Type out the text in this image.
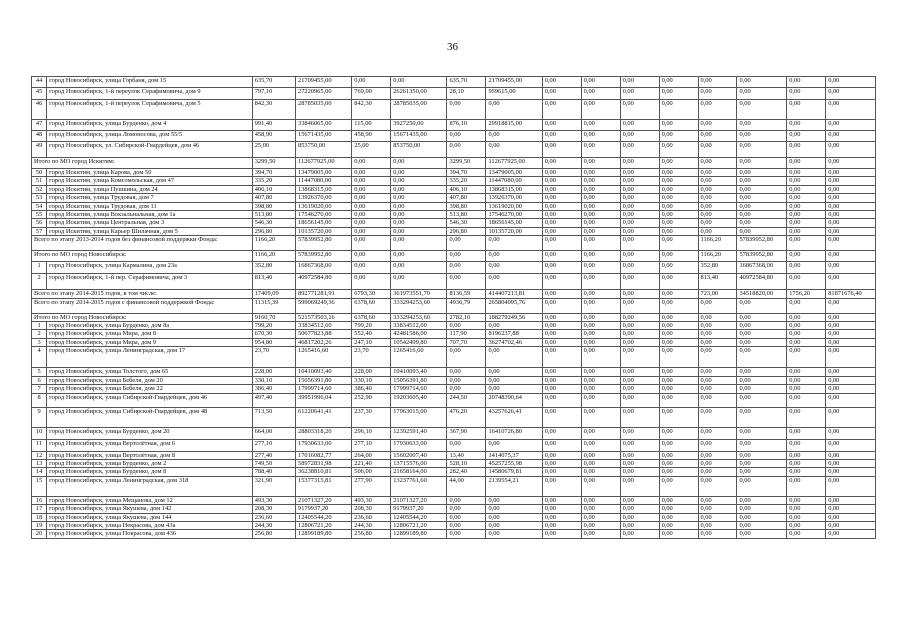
36
44	город Новосибирск, улица Горбаня, дом 15	635,70	21709455,00	0,00	0,00	635,70	21709455,00	0,00	0,00	0,00	0,00	0,00	0,00	0,00	0,00
45	город Новосибирск, 1-й переулок Серафимовича, дом 9	797,10	27220965,00	769,00	26261350,00	28,10	959615,00	0,00	0,00	0,00	0,00	0,00	0,00	0,00	0,00
46	город Новосибирск, 1-й переулок Серафимовича, дом 5	842,30	28785035,00	842,30	28785035,00	0,00	0,00	0,00	0,00	0,00	0,00	0,00	0,00	0,00	0,00
47	город Новосибирск, улица Бурденко, дом 4	991,40	33846065,00	115,00	3927250,00	876,10	29918815,00	0,00	0,00	0,00	0,00	0,00	0,00	0,00	0,00
48	город Новосибирск, улица Ломоносова, дом 55/5	458,90	15671435,00	458,90	15671435,00	0,00	0,00	0,00	0,00	0,00	0,00	0,00	0,00	0,00	0,00
49	город Новосибирск, ул. Сибирской-Гвардейцев, дом 46	25,00	853750,00	25,00	853750,00	0,00	0,00	0,00	0,00	0,00	0,00	0,00	0,00	0,00	0,00
Итого по МО город Искитим:		3299,50	112677925,00	0,00	0,00	3299,50	112677925,00	0,00	0,00	0,00	0,00	0,00	0,00	0,00	0,00
50	город Искитим, улица Карова, дом 50	394,70	13479005,00	0,00	0,00	394,70	13479005,00	0,00	0,00	0,00	0,00	0,00	0,00	0,00	0,00
51	город Искитим, улица Комсомольская, дом 47	335,20	11447080,00	0,00	0,00	335,20	11447080,00	0,00	0,00	0,00	0,00	0,00	0,00	0,00	0,00
52	город Искитим, улица Пушкина, дом 24	406,10	13868315,00	0,00	0,00	406,10	13868315,00	0,00	0,00	0,00	0,00	0,00	0,00	0,00	0,00
53	город Искитим, улица Трудовая, дом 7	407,80	13926370,00	0,00	0,00	407,80	13926370,00	0,00	0,00	0,00	0,00	0,00	0,00	0,00	0,00
54	город Искитим, улица Трудовая, дом 11	398,80	13619020,00	0,00	0,00	398,80	13619020,00	0,00	0,00	0,00	0,00	0,00	0,00	0,00	0,00
55	город Искитим, улица Вокзальнальная, дом 1а	513,80	17546270,00	0,00	0,00	513,80	17546270,00	0,00	0,00	0,00	0,00	0,00	0,00	0,00	0,00
56	город Искитим, улица Центральная, дом 3	546,30	18656145,00	0,00	0,00	546,30	18656145,00	0,00	0,00	0,00	0,00	0,00	0,00	0,00	0,00
57	город Искитим, улица Карьер Шилачная, дом 5	296,80	10135720,00	0,00	0,00	296,80	10135720,00	0,00	0,00	0,00	0,00	0,00	0,00	0,00	0,00
Всего по этапу 2013-2014 годов без финансовой поддержки Фонда:		1166,20	57839952,80	0,00	0,00	0,00	0,00	0,00	0,00	0,00	0,00	1166,20	57839952,80	0,00	0,00
Итого по МО город Новосибирск:		1166,20	57839952,80	0,00	0,00	0,00	0,00	0,00	0,00	0,00	0,00	1166,20	57839952,80	0,00	0,00
1	город Новосибирск, улица Кармалина, дом 23а	352,80	16867368,00	0,00	0,00	0,00	0,00	0,00	0,00	0,00	0,00	352,80	16867368,00	0,00	0,00
2	город Новосибирск, 1-й пер. Серафимовича, дом 3	813,40	40972584,80	0,00	0,00	0,00	0,00	0,00	0,00	0,00	0,00	813,40	40972584,80	0,00	0,00
Всего по этапу 2014-2015 годов, в том числе:		17409,09	892771281,91	6793,30	361973551,70	8136,59	414407213,81	0,00	0,00	0,00	0,00	723,00	34518820,00	1756,20	81871676,40
Всего по этапу 2014-2015 годов с финансовой поддержкой Фонда:		11315,39	599069249,36	6378,60	333294253,60	4936,79	265804995,76	0,00	0,00	0,00	0,00	0,00	0,00	0,00	0,00
Итого по МО город Новосибирск:		9160,70	521573503,16	6378,60	333294253,60	2782,10	188279249,56	0,00	0,00	0,00	0,00	0,00	0,00	0,00	0,00
1	город Новосибирск, улица Бурденко, дом 8а	799,20	33834512,60	799,20	33834512,60	0,00	0,00	0,00	0,00	0,00	0,00	0,00	0,00	0,00	0,00
2	город Новосибирск, улица Мира, дом 8	670,30	50677823,88	552,40	42481586,00	117,90	8196237,88	0,00	0,00	0,00	0,00	0,00	0,00	0,00	0,00
3	город Новосибирск, улица Мира, дом 9	954,80	46817202,26	247,10	10542499,80	707,70	36274702,46	0,00	0,00	0,00	0,00	0,00	0,00	0,00	0,00
4	город Новосибирск, улица Ленинградская, дом 17	23,70	1265416,60	23,70	1265416,60	0,00	0,00	0,00	0,00	0,00	0,00	0,00	0,00	0,00	0,00
5	город Новосибирск, улица Толстого, дом 65	228,00	10410093,40	228,00	10410093,40	0,00	0,00	0,00	0,00	0,00	0,00	0,00	0,00	0,00	0,00
6	город Новосибирск, улица Бебеля, дом 20	330,10	15056391,80	330,10	15056391,80	0,00	0,00	0,00	0,00	0,00	0,00	0,00	0,00	0,00	0,00
7	город Новосибирск, улица Бебеля, дом 22	386,40	17999714,60	386,40	17999714,60	0,00	0,00	0,00	0,00	0,00	0,00	0,00	0,00	0,00	0,00
8	город Новосибирск, улица Сибирской-Гвардейцев, дом 46	497,40	39951996,04	252,90	19203605,40	244,50	20748390,64	0,00	0,00	0,00	0,00	0,00	0,00	0,00	0,00
9	город Новосибирск, улица Сибирской-Гвардейцев, дом 48	713,50	61220641,41	237,30	17963015,00	476,20	43257626,41	0,00	0,00	0,00	0,00	0,00	0,00	0,00	0,00
10	город Новосибирск, улица Бурденко, дом 20	664,00	28803318,20	296,10	12392591,40	367,90	16410726,80	0,00	0,00	0,00	0,00	0,00	0,00	0,00	0,00
11	город Новосибирск, улица Вертолётная, дом 6	277,10	17930633,00	277,10	17930633,00	0,00	0,00	0,00	0,00	0,00	0,00	0,00	0,00	0,00	0,00
12	город Новосибирск, улица Вертолётная, дом 8	277,40	17016082,77	264,00	15602007,40	13,40	1414075,37	0,00	0,00	0,00	0,00	0,00	0,00	0,00	0,00
13	город Новосибирск, улица Бурденко, дом 2	749,50	58972831,98	221,40	13715576,00	528,10	45257255,98	0,00	0,00	0,00	0,00	0,00	0,00	0,00	0,00
14	город Новосибирск, улица Бурденко, дом 8	788,40	36238810,81	506,00	21658164,00	282,40	14580679,81	0,00	0,00	0,00	0,00	0,00	0,00	0,00	0,00
15	город Новосибирск, улица Ленинградская, дом 318	321,90	15377315,81	277,90	13237761,60	44,00	2139554,21	0,00	0,00	0,00	0,00	0,00	0,00	0,00	0,00
16	город Новосибирск, улица Мещанова, дом 12	493,30	21071327,20	493,30	21071327,20	0,00	0,00	0,00	0,00	0,00	0,00	0,00	0,00	0,00	0,00
17	город Новосибирск, улица Якушева, дом 142	208,30	9179937,20	208,30	9179937,20	0,00	0,00	0,00	0,00	0,00	0,00	0,00	0,00	0,00	0,00
18	город Новосибирск, улица Якушева, дом 144	236,60	12405544,20	236,60	12405544,20	0,00	0,00	0,00	0,00	0,00	0,00	0,00	0,00	0,00	0,00
19	город Новосибирск, улица Некрасова, дом 43а	244,30	12806721,20	244,30	12806721,20	0,00	0,00	0,00	0,00	0,00	0,00	0,00	0,00	0,00	0,00
20	город Новосибирск, улица Покрасова, дом 436	256,80	12899189,80	256,80	12899189,80	0,00	0,00	0,00	0,00	0,00	0,00	0,00	0,00	0,00	0,00
